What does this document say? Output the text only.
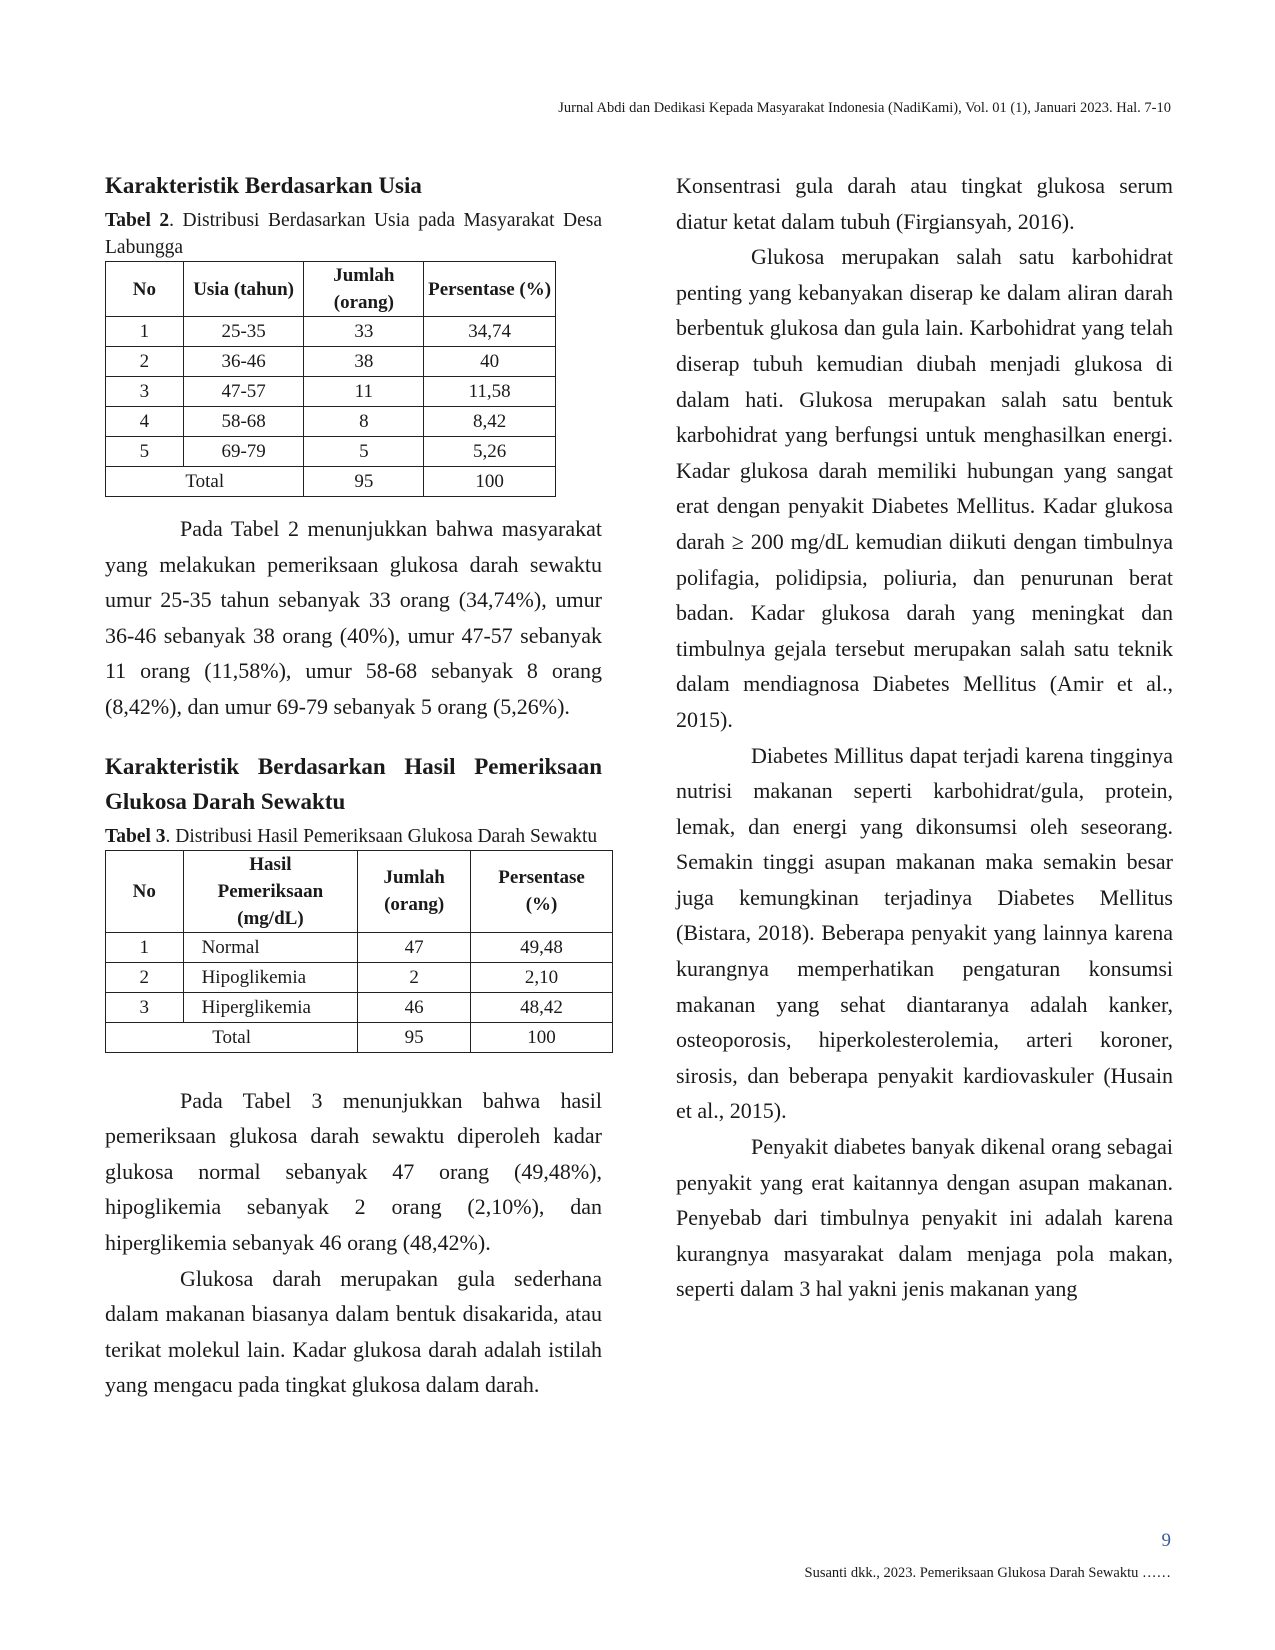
Jurnal Abdi dan Dedikasi Kepada Masyarakat Indonesia (NadiKami), Vol. 01 (1), Januari 2023. Hal. 7-10
Karakteristik Berdasarkan Usia
Tabel 2. Distribusi Berdasarkan Usia pada Masyarakat Desa Labungga
No	Usia (tahun)	Jumlah (orang)	Persentase (%)
1	25-35	33	34,74
2	36-46	38	40
3	47-57	11	11,58
4	58-68	8	8,42
5	69-79	5	5,26
Total		95	100

Pada Tabel 2 menunjukkan bahwa masyarakat yang melakukan pemeriksaan glukosa darah sewaktu umur 25-35 tahun sebanyak 33 orang (34,74%), umur 36-46 sebanyak 38 orang (40%), umur 47-57 sebanyak 11 orang (11,58%), umur 58-68 sebanyak 8 orang (8,42%), dan umur 69-79 sebanyak 5 orang (5,26%).

Karakteristik Berdasarkan Hasil Pemeriksaan Glukosa Darah Sewaktu
Tabel 3. Distribusi Hasil Pemeriksaan Glukosa Darah Sewaktu
No	Hasil Pemeriksaan (mg/dL)	Jumlah (orang)	Persentase (%)
1	Normal	47	49,48
2	Hipoglikemia	2	2,10
3	Hiperglikemia	46	48,42
Total		95	100

Pada Tabel 3 menunjukkan bahwa hasil pemeriksaan glukosa darah sewaktu diperoleh kadar glukosa normal sebanyak 47 orang (49,48%), hipoglikemia sebanyak 2 orang (2,10%), dan hiperglikemia sebanyak 46 orang (48,42%).

Glukosa darah merupakan gula sederhana dalam makanan biasanya dalam bentuk disakarida, atau terikat molekul lain. Kadar glukosa darah adalah istilah yang mengacu pada tingkat glukosa dalam darah.

Konsentrasi gula darah atau tingkat glukosa serum diatur ketat dalam tubuh (Firgiansyah, 2016).

Glukosa merupakan salah satu karbohidrat penting yang kebanyakan diserap ke dalam aliran darah berbentuk glukosa dan gula lain. Karbohidrat yang telah diserap tubuh kemudian diubah menjadi glukosa di dalam hati. Glukosa merupakan salah satu bentuk karbohidrat yang berfungsi untuk menghasilkan energi. Kadar glukosa darah memiliki hubungan yang sangat erat dengan penyakit Diabetes Mellitus. Kadar glukosa darah ≥ 200 mg/dL kemudian diikuti dengan timbulnya polifagia, polidipsia, poliuria, dan penurunan berat badan. Kadar glukosa darah yang meningkat dan timbulnya gejala tersebut merupakan salah satu teknik dalam mendiagnosa Diabetes Mellitus (Amir et al., 2015).

Diabetes Millitus dapat terjadi karena tingginya nutrisi makanan seperti karbohidrat/gula, protein, lemak, dan energi yang dikonsumsi oleh seseorang. Semakin tinggi asupan makanan maka semakin besar juga kemungkinan terjadinya Diabetes Mellitus (Bistara, 2018). Beberapa penyakit yang lainnya karena kurangnya memperhatikan pengaturan konsumsi makanan yang sehat diantaranya adalah kanker, osteoporosis, hiperkolesterolemia, arteri koroner, sirosis, dan beberapa penyakit kardiovaskuler (Husain et al., 2015).

Penyakit diabetes banyak dikenal orang sebagai penyakit yang erat kaitannya dengan asupan makanan. Penyebab dari timbulnya penyakit ini adalah karena kurangnya masyarakat dalam menjaga pola makan, seperti dalam 3 hal yakni jenis makanan yang

9
Susanti dkk., 2023. Pemeriksaan Glukosa Darah Sewaktu ……
